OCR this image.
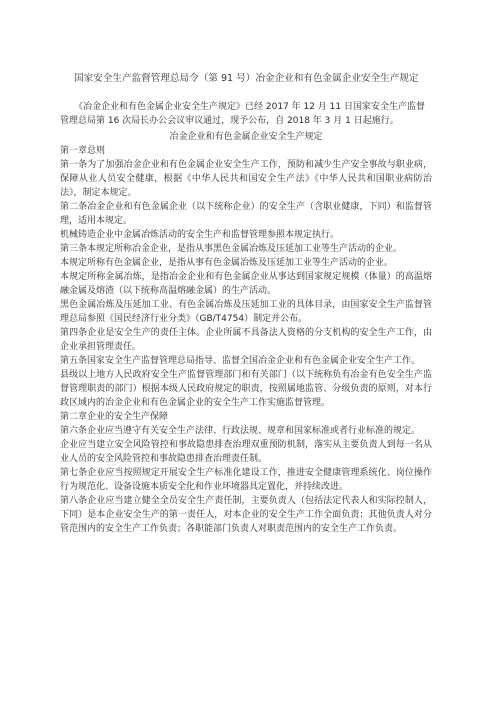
国家安全生产监督管理总局令（第 91 号）冶金企业和有色金属企业安全生产规定

《冶金企业和有色金属企业安全生产规定》已经 2017 年 12 月 11 日国家安全生产监督管理总局第 16 次局长办公会议审议通过，现予公布，自 2018 年 3 月 1 日起施行。

冶金企业和有色金属企业安全生产规定

第一章总则

第一条为了加强冶金企业和有色金属企业安全生产工作，预防和减少生产安全事故与职业病，保障从业人员安全健康，根据《中华人民共和国安全生产法》《中华人民共和国职业病防治法》，制定本规定。

第二条冶金企业和有色金属企业（以下统称企业）的安全生产（含职业健康，下同）和监督管理，适用本规定。

机械铸造企业中金属冶炼活动的安全生产和监督管理参照本规定执行。

第三条本规定所称冶金企业，是指从事黑色金属冶炼及压延加工业等生产活动的企业。

本规定所称有色金属企业，是指从事有色金属冶炼及压延加工业等生产活动的企业。

本规定所称金属冶炼，是指冶金企业和有色金属企业从事达到国家规定规模（体量）的高温熔融金属及熔渣（以下统称高温熔融金属）的生产活动。

黑色金属冶炼及压延加工业、有色金属冶炼及压延加工业的具体目录，由国家安全生产监督管理总局参照《国民经济行业分类》（GB/T4754）制定并公布。

第四条企业是安全生产的责任主体。企业所属不具备法人资格的分支机构的安全生产工作，由企业承担管理责任。

第五条国家安全生产监督管理总局指导、监督全国冶金企业和有色金属企业安全生产工作。

县级以上地方人民政府安全生产监督管理部门和有关部门（以下统称负有冶金有色安全生产监督管理职责的部门）根据本级人民政府规定的职责，按照属地监管、分级负责的原则，对本行政区域内的冶金企业和有色金属企业的安全生产工作实施监督管理。

第二章企业的安全生产保障

第六条企业应当遵守有关安全生产法律、行政法规、规章和国家标准或者行业标准的规定。

企业应当建立安全风险管控和事故隐患排查治理双重预防机制，落实从主要负责人到每一名从业人员的安全风险管控和事故隐患排查治理责任制。

第七条企业应当按照规定开展安全生产标准化建设工作，推进安全健康管理系统化、岗位操作行为规范化、设备设施本质安全化和作业环境器具定置化，并持续改进。

第八条企业应当建立健全全员安全生产责任制，主要负责人（包括法定代表人和实际控制人，下同）是本企业安全生产的第一责任人，对本企业的安全生产工作全面负责；其他负责人对分管范围内的安全生产工作负责；各职能部门负责人对职责范围内的安全生产工作负责。
